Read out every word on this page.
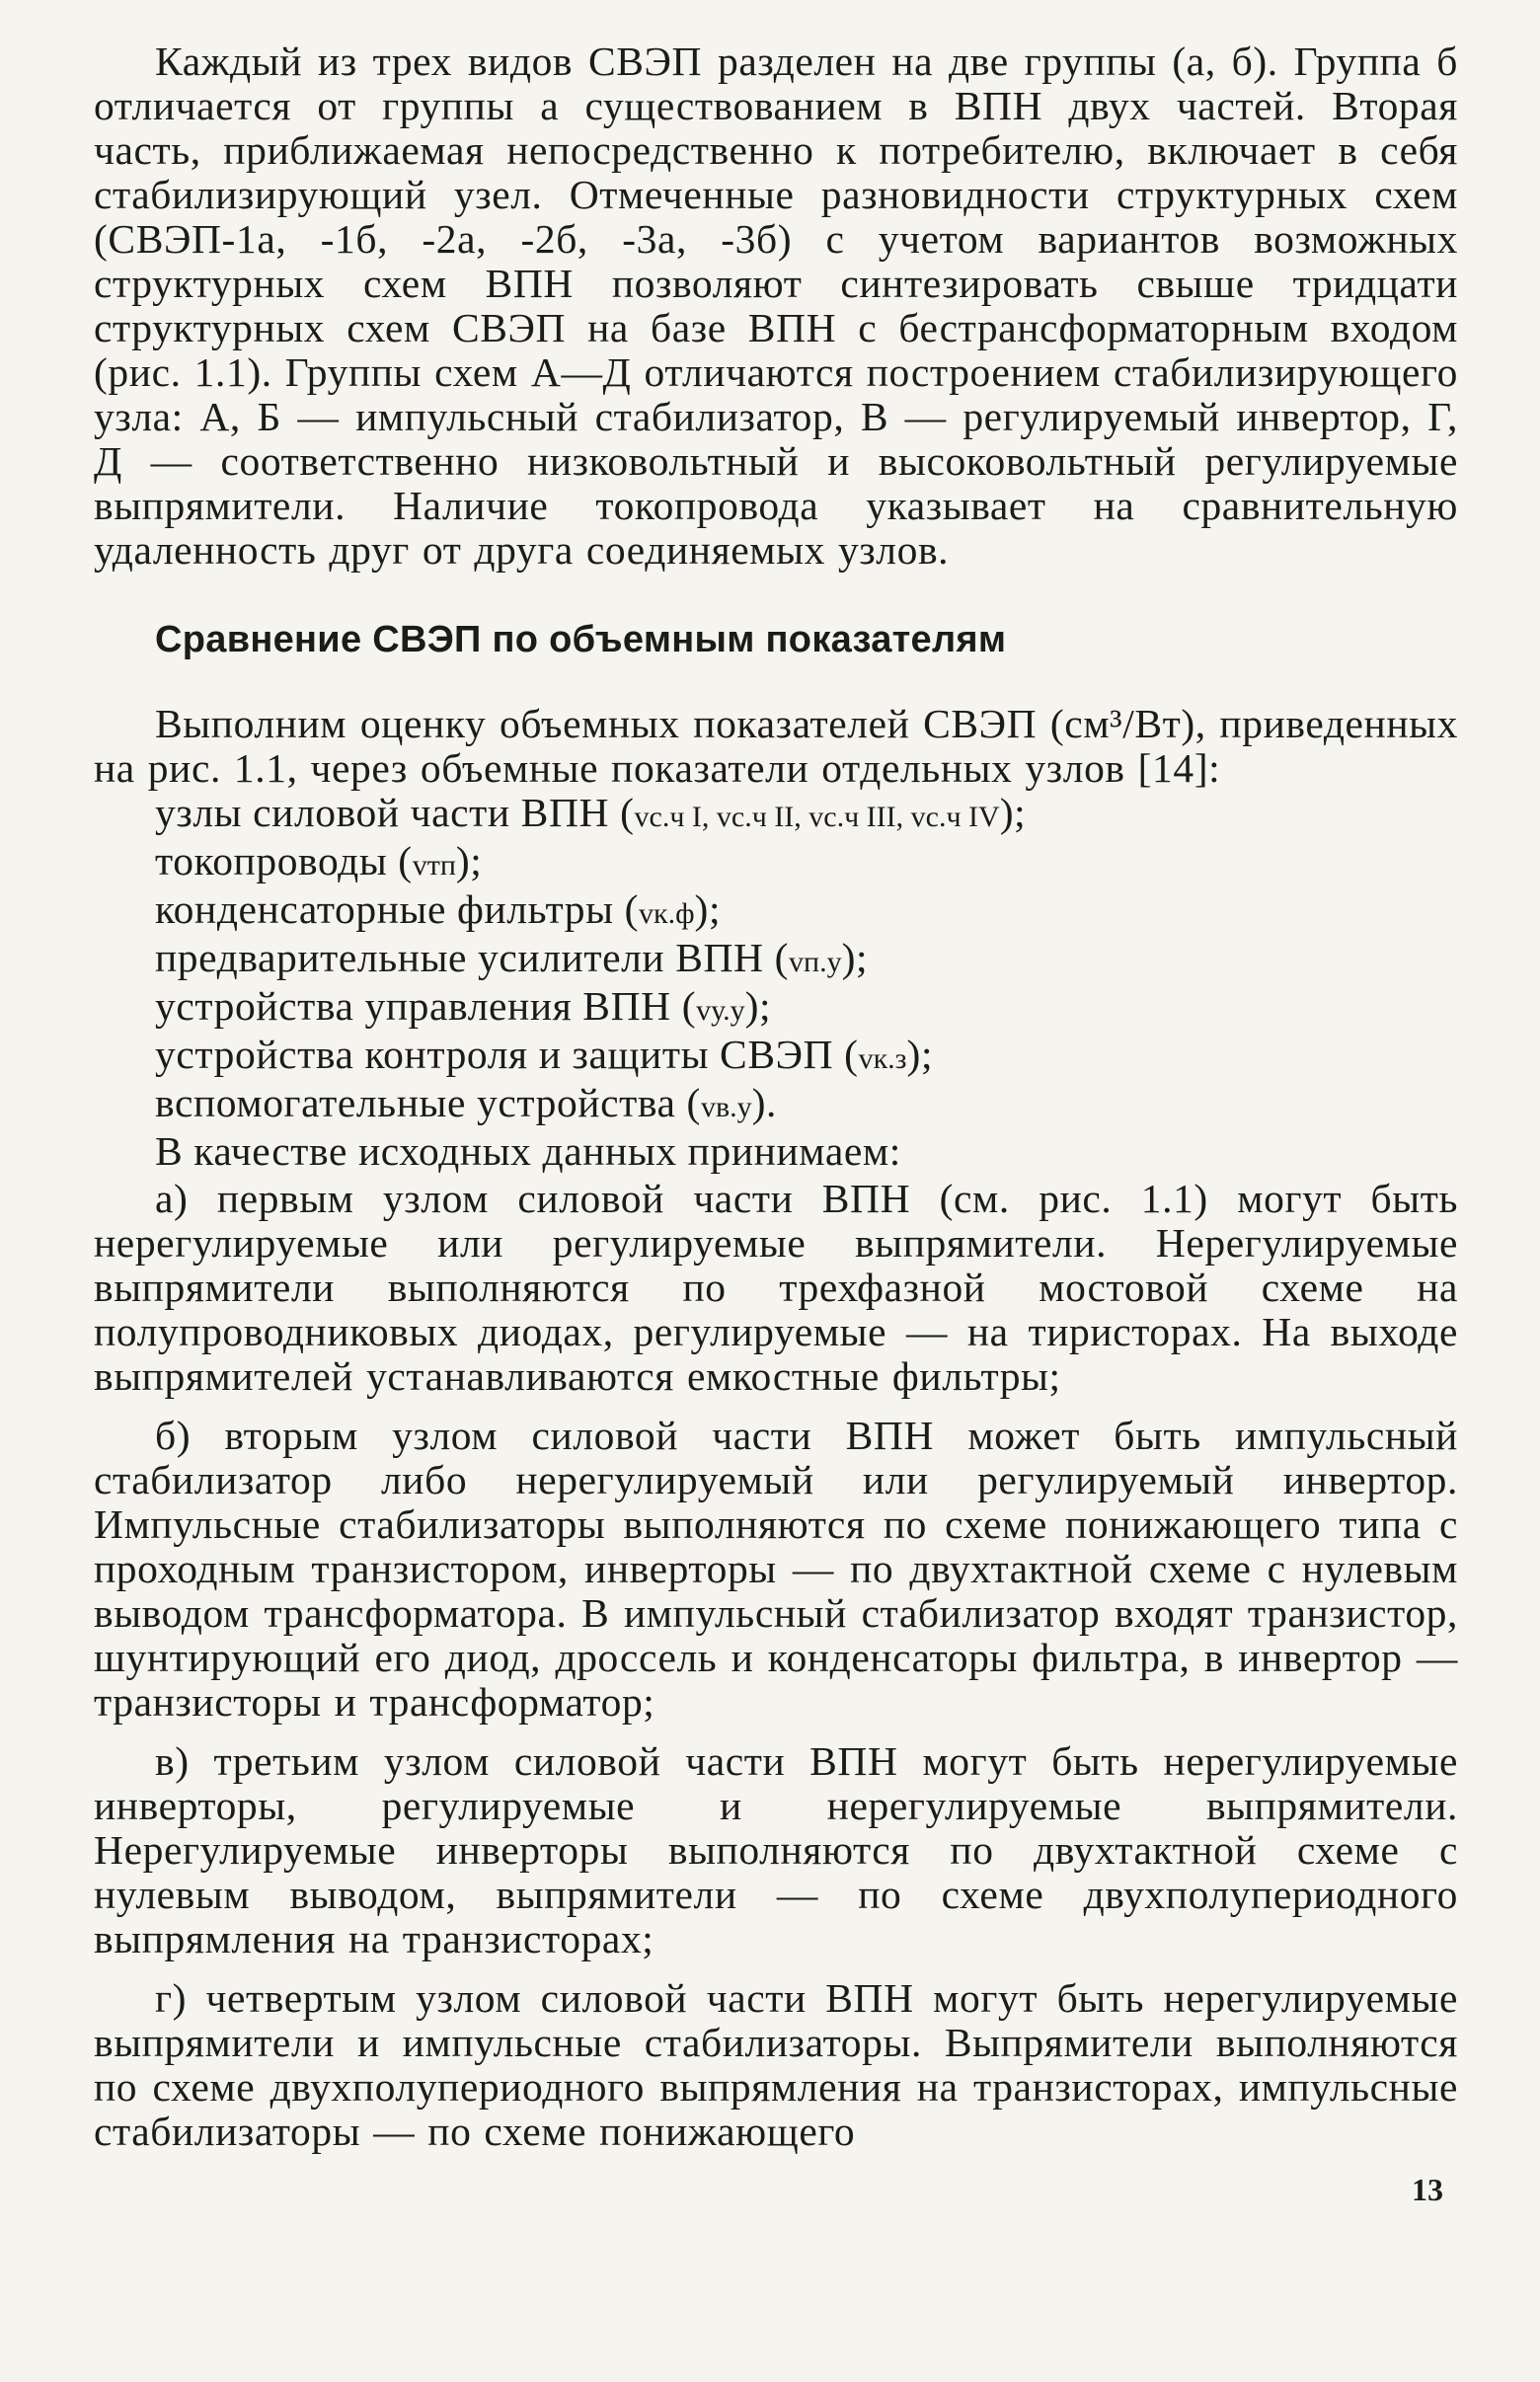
Каждый из трех видов СВЭП разделен на две группы (а, б). Группа б отличается от группы а существованием в ВПН двух частей. Вторая часть, приближаемая непосредственно к потребителю, включает в себя стабилизирующий узел. Отмеченные разновидности структурных схем (СВЭП-1а, -1б, -2а, -2б, -3а, -3б) с учетом вариантов возможных структурных схем ВПН позволяют синтезировать свыше тридцати структурных схем СВЭП на базе ВПН с бестрансформаторным входом (рис. 1.1). Группы схем А—Д отличаются построением стабилизирующего узла: А, Б — импульсный стабилизатор, В — регулируемый инвертор, Г, Д — соответственно низковольтный и высоковольтный регулируемые выпрямители. Наличие токопровода указывает на сравнительную удаленность друг от друга соединяемых узлов.

Сравнение СВЭП по объемным показателям

Выполним оценку объемных показателей СВЭП (см³/Вт), приведенных на рис. 1.1, через объемные показатели отдельных узлов [14]:

узлы силовой части ВПН (vс.ч I, vс.ч II, vс.ч III, vс.ч IV);
токопроводы (vтп);
конденсаторные фильтры (vк.ф);
предварительные усилители ВПН (vп.у);
устройства управления ВПН (vу.у);
устройства контроля и защиты СВЭП (vк.з);
вспомогательные устройства (vв.у).

В качестве исходных данных принимаем:

а) первым узлом силовой части ВПН (см. рис. 1.1) могут быть нерегулируемые или регулируемые выпрямители. Нерегулируемые выпрямители выполняются по трехфазной мостовой схеме на полупроводниковых диодах, регулируемые — на тиристорах. На выходе выпрямителей устанавливаются емкостные фильтры;

б) вторым узлом силовой части ВПН может быть импульсный стабилизатор либо нерегулируемый или регулируемый инвертор. Импульсные стабилизаторы выполняются по схеме понижающего типа с проходным транзистором, инверторы — по двухтактной схеме с нулевым выводом трансформатора. В импульсный стабилизатор входят транзистор, шунтирующий его диод, дроссель и конденсаторы фильтра, в инвертор — транзисторы и трансформатор;

в) третьим узлом силовой части ВПН могут быть нерегулируемые инверторы, регулируемые и нерегулируемые выпрямители. Нерегулируемые инверторы выполняются по двухтактной схеме с нулевым выводом, выпрямители — по схеме двухполупериодного выпрямления на транзисторах;

г) четвертым узлом силовой части ВПН могут быть нерегулируемые выпрямители и импульсные стабилизаторы. Выпрямители выполняются по схеме двухполупериодного выпрямления на транзисторах, импульсные стабилизаторы — по схеме понижающего

13
